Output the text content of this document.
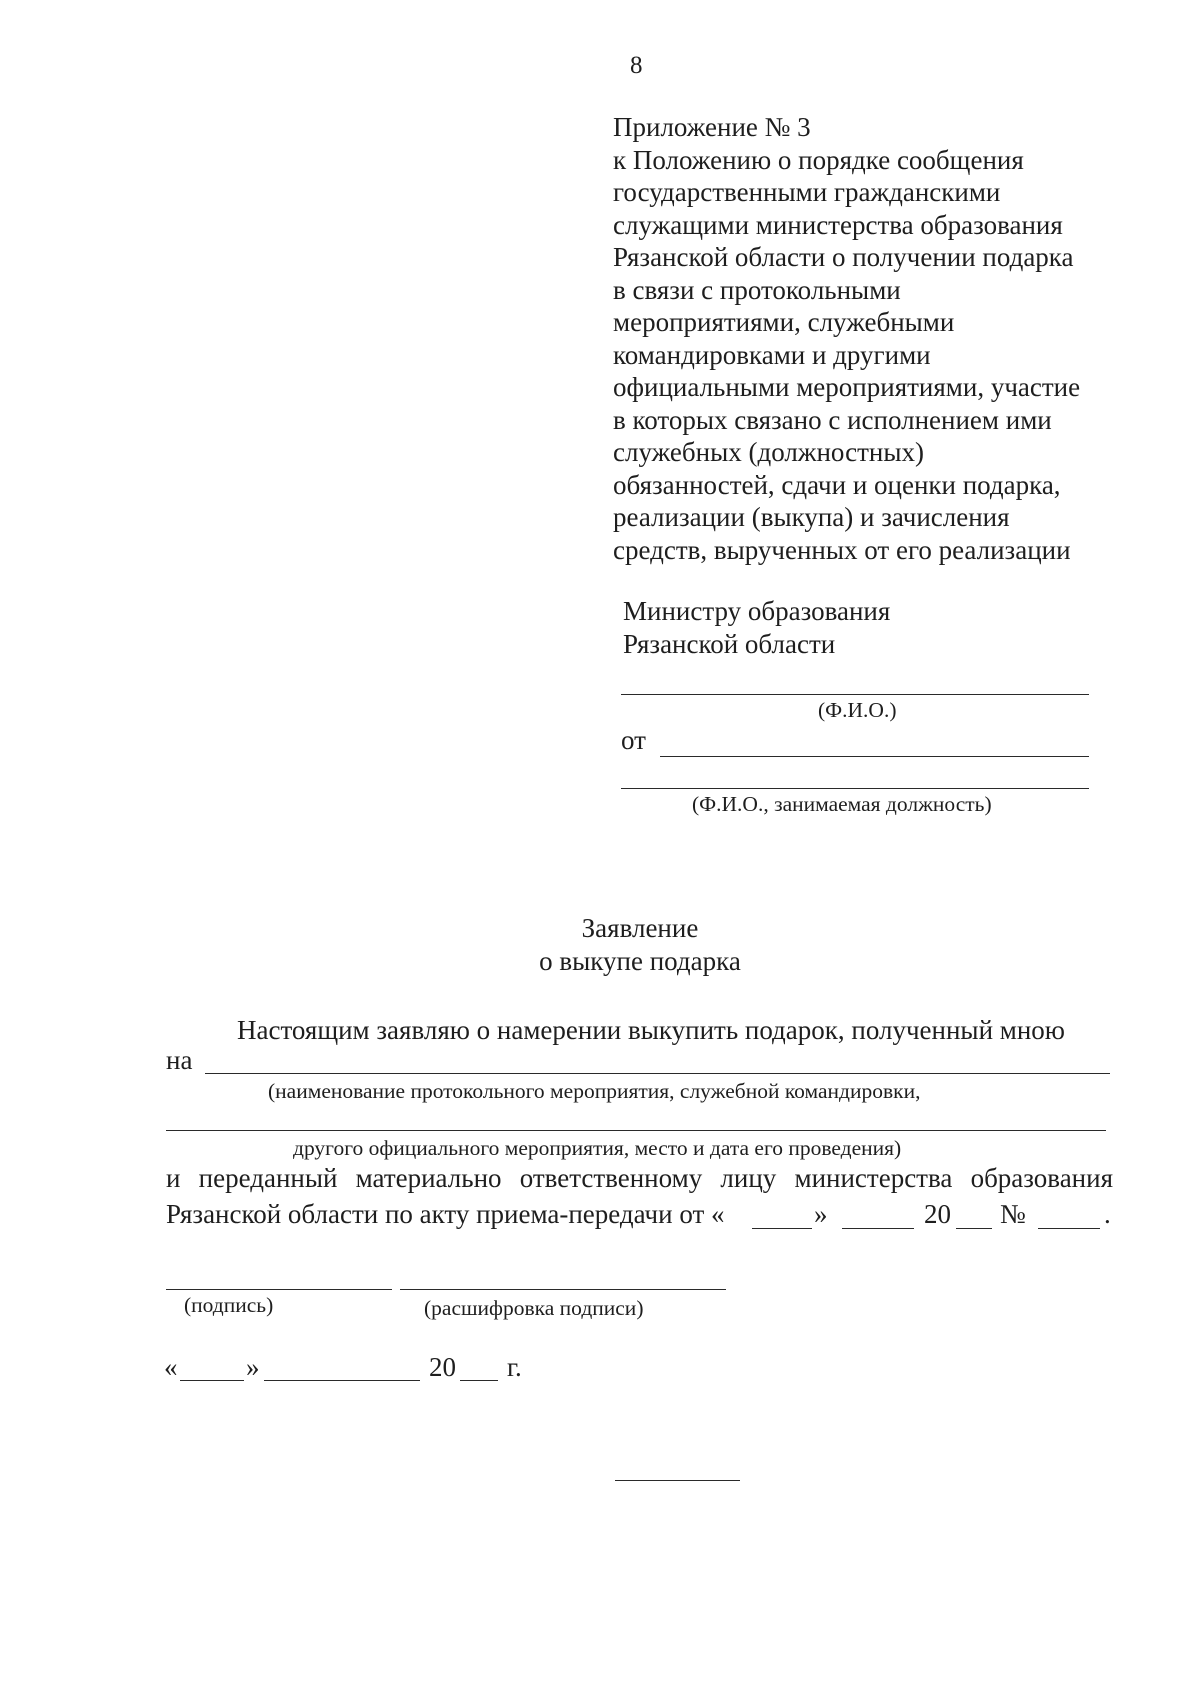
8
Приложение № 3
к Положению о порядке сообщения
государственными гражданскими
служащими министерства образования
Рязанской области о получении подарка
в связи с протокольными
мероприятиями, служебными
командировками и другими
официальными мероприятиями, участие
в которых связано с исполнением ими
служебных (должностных)
обязанностей, сдачи и оценки подарка,
реализации (выкупа) и зачисления
средств, вырученных от его реализации
Министру образования
Рязанской области
(Ф.И.О.)
от
(Ф.И.О., занимаемая должность)
Заявление
о выкупе подарка
Настоящим заявляю о намерении выкупить подарок, полученный мною
на
(наименование протокольного мероприятия, служебной командировки,
другого официального мероприятия, место и дата его проведения)
и переданный материально ответственному лицу министерства образования
Рязанской области по акту приема-передачи от «	»	20 №	.
(подпись)	(расшифровка подписи)
«	»	20 г.
